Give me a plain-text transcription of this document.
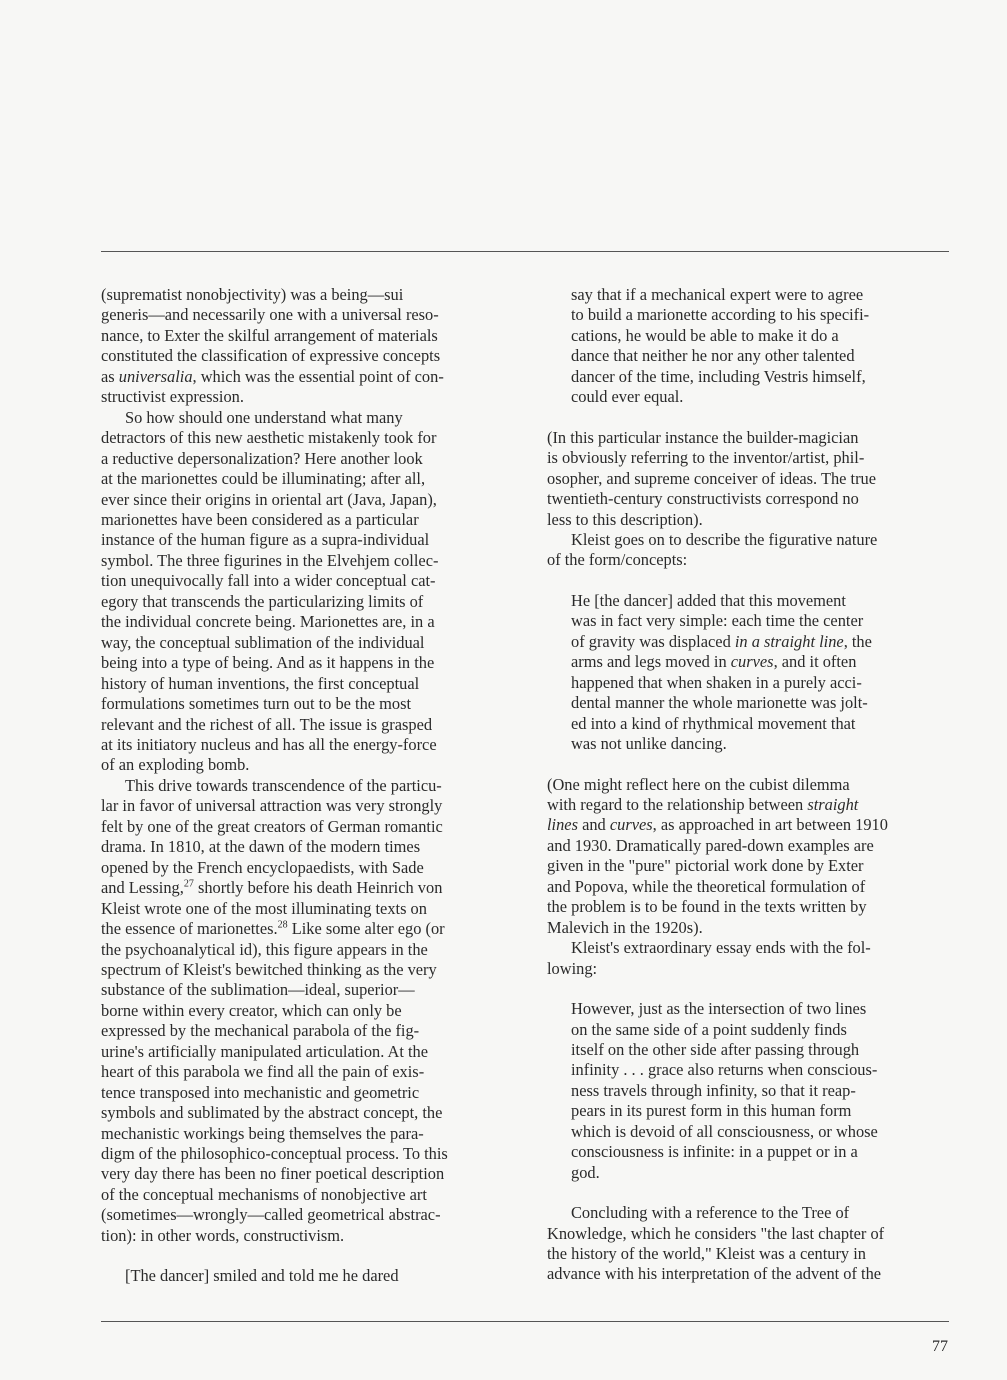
(suprematist nonobjectivity) was a being—sui
generis—and necessarily one with a universal reso-
nance, to Exter the skilful arrangement of materials
constituted the classification of expressive concepts
as universalia, which was the essential point of con-
structivist expression.

So how should one understand what many
detractors of this new aesthetic mistakenly took for
a reductive depersonalization? Here another look
at the marionettes could be illuminating; after all,
ever since their origins in oriental art (Java, Japan),
marionettes have been considered as a particular
instance of the human figure as a supra-individual
symbol. The three figurines in the Elvehjem collec-
tion unequivocally fall into a wider conceptual cat-
egory that transcends the particularizing limits of
the individual concrete being. Marionettes are, in a
way, the conceptual sublimation of the individual
being into a type of being. And as it happens in the
history of human inventions, the first conceptual
formulations sometimes turn out to be the most
relevant and the richest of all. The issue is grasped
at its initiatory nucleus and has all the energy-force
of an exploding bomb.

This drive towards transcendence of the particu-
lar in favor of universal attraction was very strongly
felt by one of the great creators of German romantic
drama. In 1810, at the dawn of the modern times
opened by the French encyclopaedists, with Sade
and Lessing,$^{27}$ shortly before his death Heinrich von
Kleist wrote one of the most illuminating texts on
the essence of marionettes.$^{28}$ Like some alter ego (or
the psychoanalytical id), this figure appears in the
spectrum of Kleist's bewitched thinking as the very
substance of the sublimation—ideal, superior—
borne within every creator, which can only be
expressed by the mechanical parabola of the fig-
urine's artificially manipulated articulation. At the
heart of this parabola we find all the pain of exis-
tence transposed into mechanistic and geometric
symbols and sublimated by the abstract concept, the
mechanistic workings being themselves the para-
digm of the philosophico-conceptual process. To this
very day there has been no finer poetical description
of the conceptual mechanisms of nonobjective art
(sometimes—wrongly—called geometrical abstrac-
tion): in other words, constructivism.

[The dancer] smiled and told me he dared

say that if a mechanical expert were to agree
to build a marionette according to his specifi-
cations, he would be able to make it do a
dance that neither he nor any other talented
dancer of the time, including Vestris himself,
could ever equal.

(In this particular instance the builder-magician
is obviously referring to the inventor/artist, phil-
osopher, and supreme conceiver of ideas. The true
twentieth-century constructivists correspond no
less to this description).

Kleist goes on to describe the figurative nature
of the form/concepts:

He [the dancer] added that this movement
was in fact very simple: each time the center
of gravity was displaced in a straight line, the
arms and legs moved in curves, and it often
happened that when shaken in a purely acci-
dental manner the whole marionette was jolt-
ed into a kind of rhythmical movement that
was not unlike dancing.

(One might reflect here on the cubist dilemma
with regard to the relationship between straight
lines and curves, as approached in art between 1910
and 1930. Dramatically pared-down examples are
given in the "pure" pictorial work done by Exter
and Popova, while the theoretical formulation of
the problem is to be found in the texts written by
Malevich in the 1920s).

Kleist's extraordinary essay ends with the fol-
lowing:

However, just as the intersection of two lines
on the same side of a point suddenly finds
itself on the other side after passing through
infinity . . . grace also returns when conscious-
ness travels through infinity, so that it reap-
pears in its purest form in this human form
which is devoid of all consciousness, or whose
consciousness is infinite: in a puppet or in a
god.

Concluding with a reference to the Tree of
Knowledge, which he considers "the last chapter of
the history of the world," Kleist was a century in
advance with his interpretation of the advent of the

77
